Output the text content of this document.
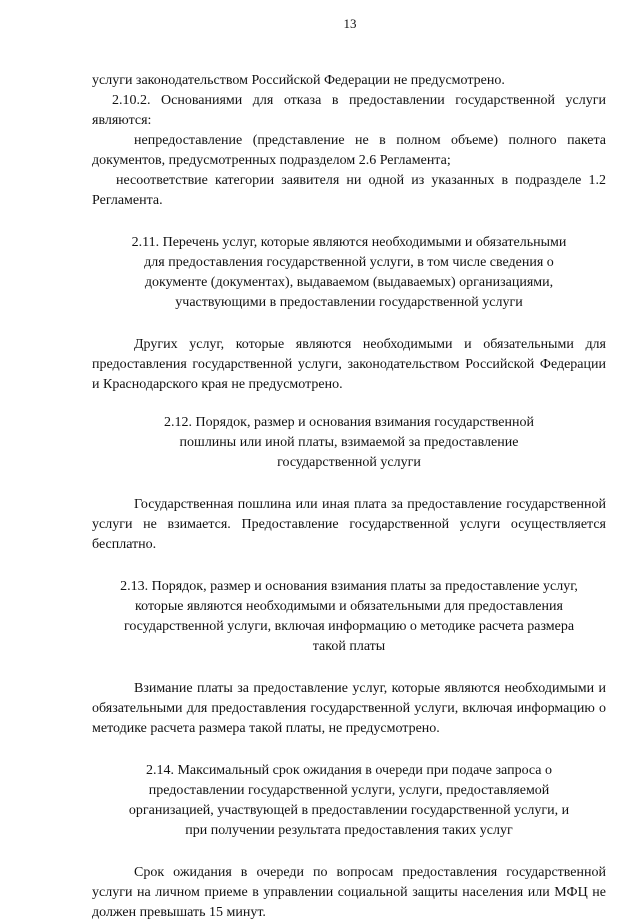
13

услуги законодательством Российской Федерации не предусмотрено.

2.10.2. Основаниями для отказа в предоставлении государственной услуги являются:

непредоставление (представление не в полном объеме) полного пакета документов, предусмотренных подразделом 2.6 Регламента;

несоответствие категории заявителя ни одной из указанных в подразделе 1.2 Регламента.

2.11. Перечень услуг, которые являются необходимыми и обязательными для предоставления государственной услуги, в том числе сведения о документе (документах), выдаваемом (выдаваемых) организациями, участвующими в предоставлении государственной услуги

Других услуг, которые являются необходимыми и обязательными для предоставления государственной услуги, законодательством Российской Федерации и Краснодарского края не предусмотрено.

2.12. Порядок, размер и основания взимания государственной пошлины или иной платы, взимаемой за предоставление государственной услуги

Государственная пошлина или иная плата за предоставление государственной услуги не взимается. Предоставление государственной услуги осуществляется бесплатно.

2.13. Порядок, размер и основания взимания платы за предоставление услуг, которые являются необходимыми и обязательными для предоставления государственной услуги, включая информацию о методике расчета размера такой платы

Взимание платы за предоставление услуг, которые являются необходимыми и обязательными для предоставления государственной услуги, включая информацию о методике расчета размера такой платы, не предусмотрено.

2.14. Максимальный срок ожидания в очереди при подаче запроса о предоставлении государственной услуги, услуги, предоставляемой организацией, участвующей в предоставлении государственной услуги, и при получении результата предоставления таких услуг

Срок ожидания в очереди по вопросам предоставления государственной услуги на личном приеме в управлении социальной защиты населения или МФЦ не должен превышать 15 минут.
